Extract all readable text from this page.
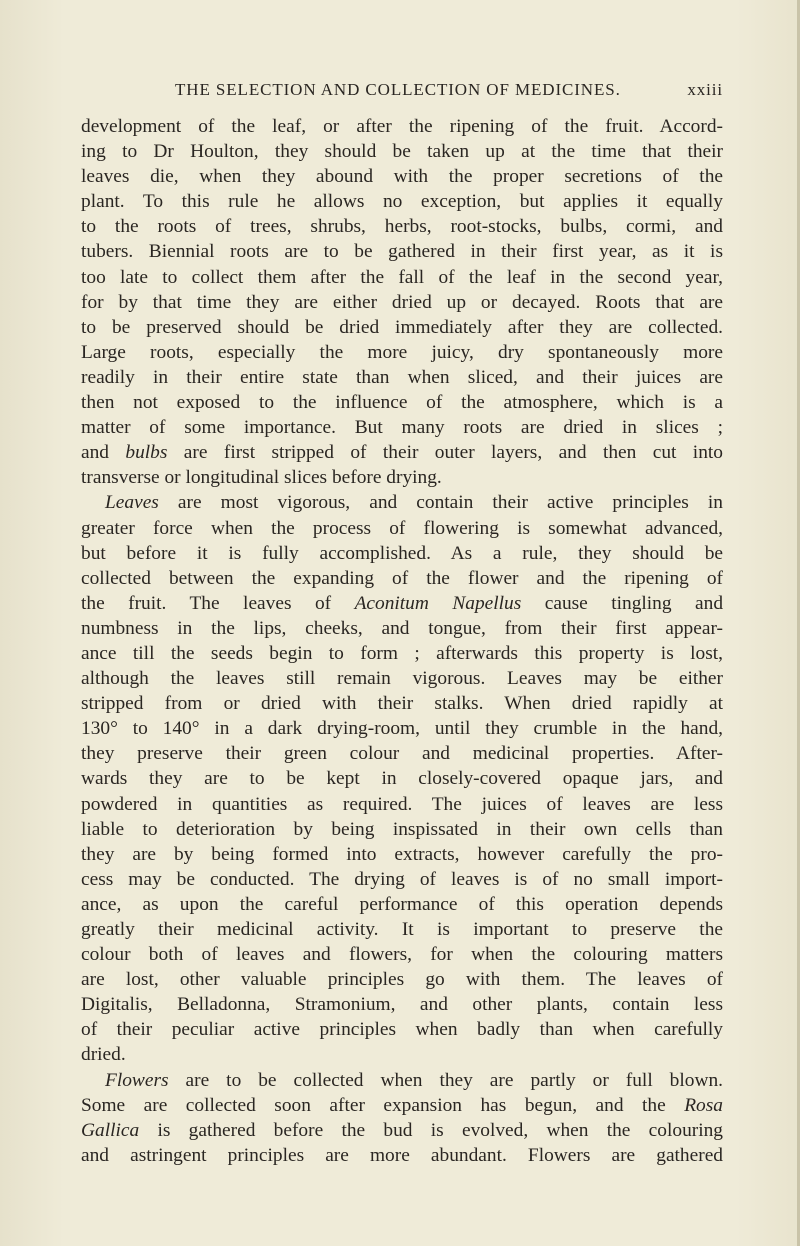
THE SELECTION AND COLLECTION OF MEDICINES.	xxiii
development of the leaf, or after the ripening of the fruit. Accord-
ing to Dr Houlton, they should be taken up at the time that their
leaves die, when they abound with the proper secretions of the
plant. To this rule he allows no exception, but applies it equally
to the roots of trees, shrubs, herbs, root-stocks, bulbs, cormi, and
tubers. Biennial roots are to be gathered in their first year, as it is
too late to collect them after the fall of the leaf in the second year,
for by that time they are either dried up or decayed. Roots that are
to be preserved should be dried immediately after they are collected.
Large roots, especially the more juicy, dry spontaneously more
readily in their entire state than when sliced, and their juices are
then not exposed to the influence of the atmosphere, which is a
matter of some importance. But many roots are dried in slices ;
and bulbs are first stripped of their outer layers, and then cut into
transverse or longitudinal slices before drying.
Leaves are most vigorous, and contain their active principles in
greater force when the process of flowering is somewhat advanced,
but before it is fully accomplished. As a rule, they should be
collected between the expanding of the flower and the ripening of
the fruit. The leaves of Aconitum Napellus cause tingling and
numbness in the lips, cheeks, and tongue, from their first appear-
ance till the seeds begin to form ; afterwards this property is lost,
although the leaves still remain vigorous. Leaves may be either
stripped from or dried with their stalks. When dried rapidly at
130° to 140° in a dark drying-room, until they crumble in the hand,
they preserve their green colour and medicinal properties. After-
wards they are to be kept in closely-covered opaque jars, and
powdered in quantities as required. The juices of leaves are less
liable to deterioration by being inspissated in their own cells than
they are by being formed into extracts, however carefully the pro-
cess may be conducted. The drying of leaves is of no small import-
ance, as upon the careful performance of this operation depends
greatly their medicinal activity. It is important to preserve the
colour both of leaves and flowers, for when the colouring matters
are lost, other valuable principles go with them. The leaves of
Digitalis, Belladonna, Stramonium, and other plants, contain less
of their peculiar active principles when badly than when carefully
dried.
Flowers are to be collected when they are partly or full blown.
Some are collected soon after expansion has begun, and the Rosa
Gallica is gathered before the bud is evolved, when the colouring
and astringent principles are more abundant. Flowers are gathered
